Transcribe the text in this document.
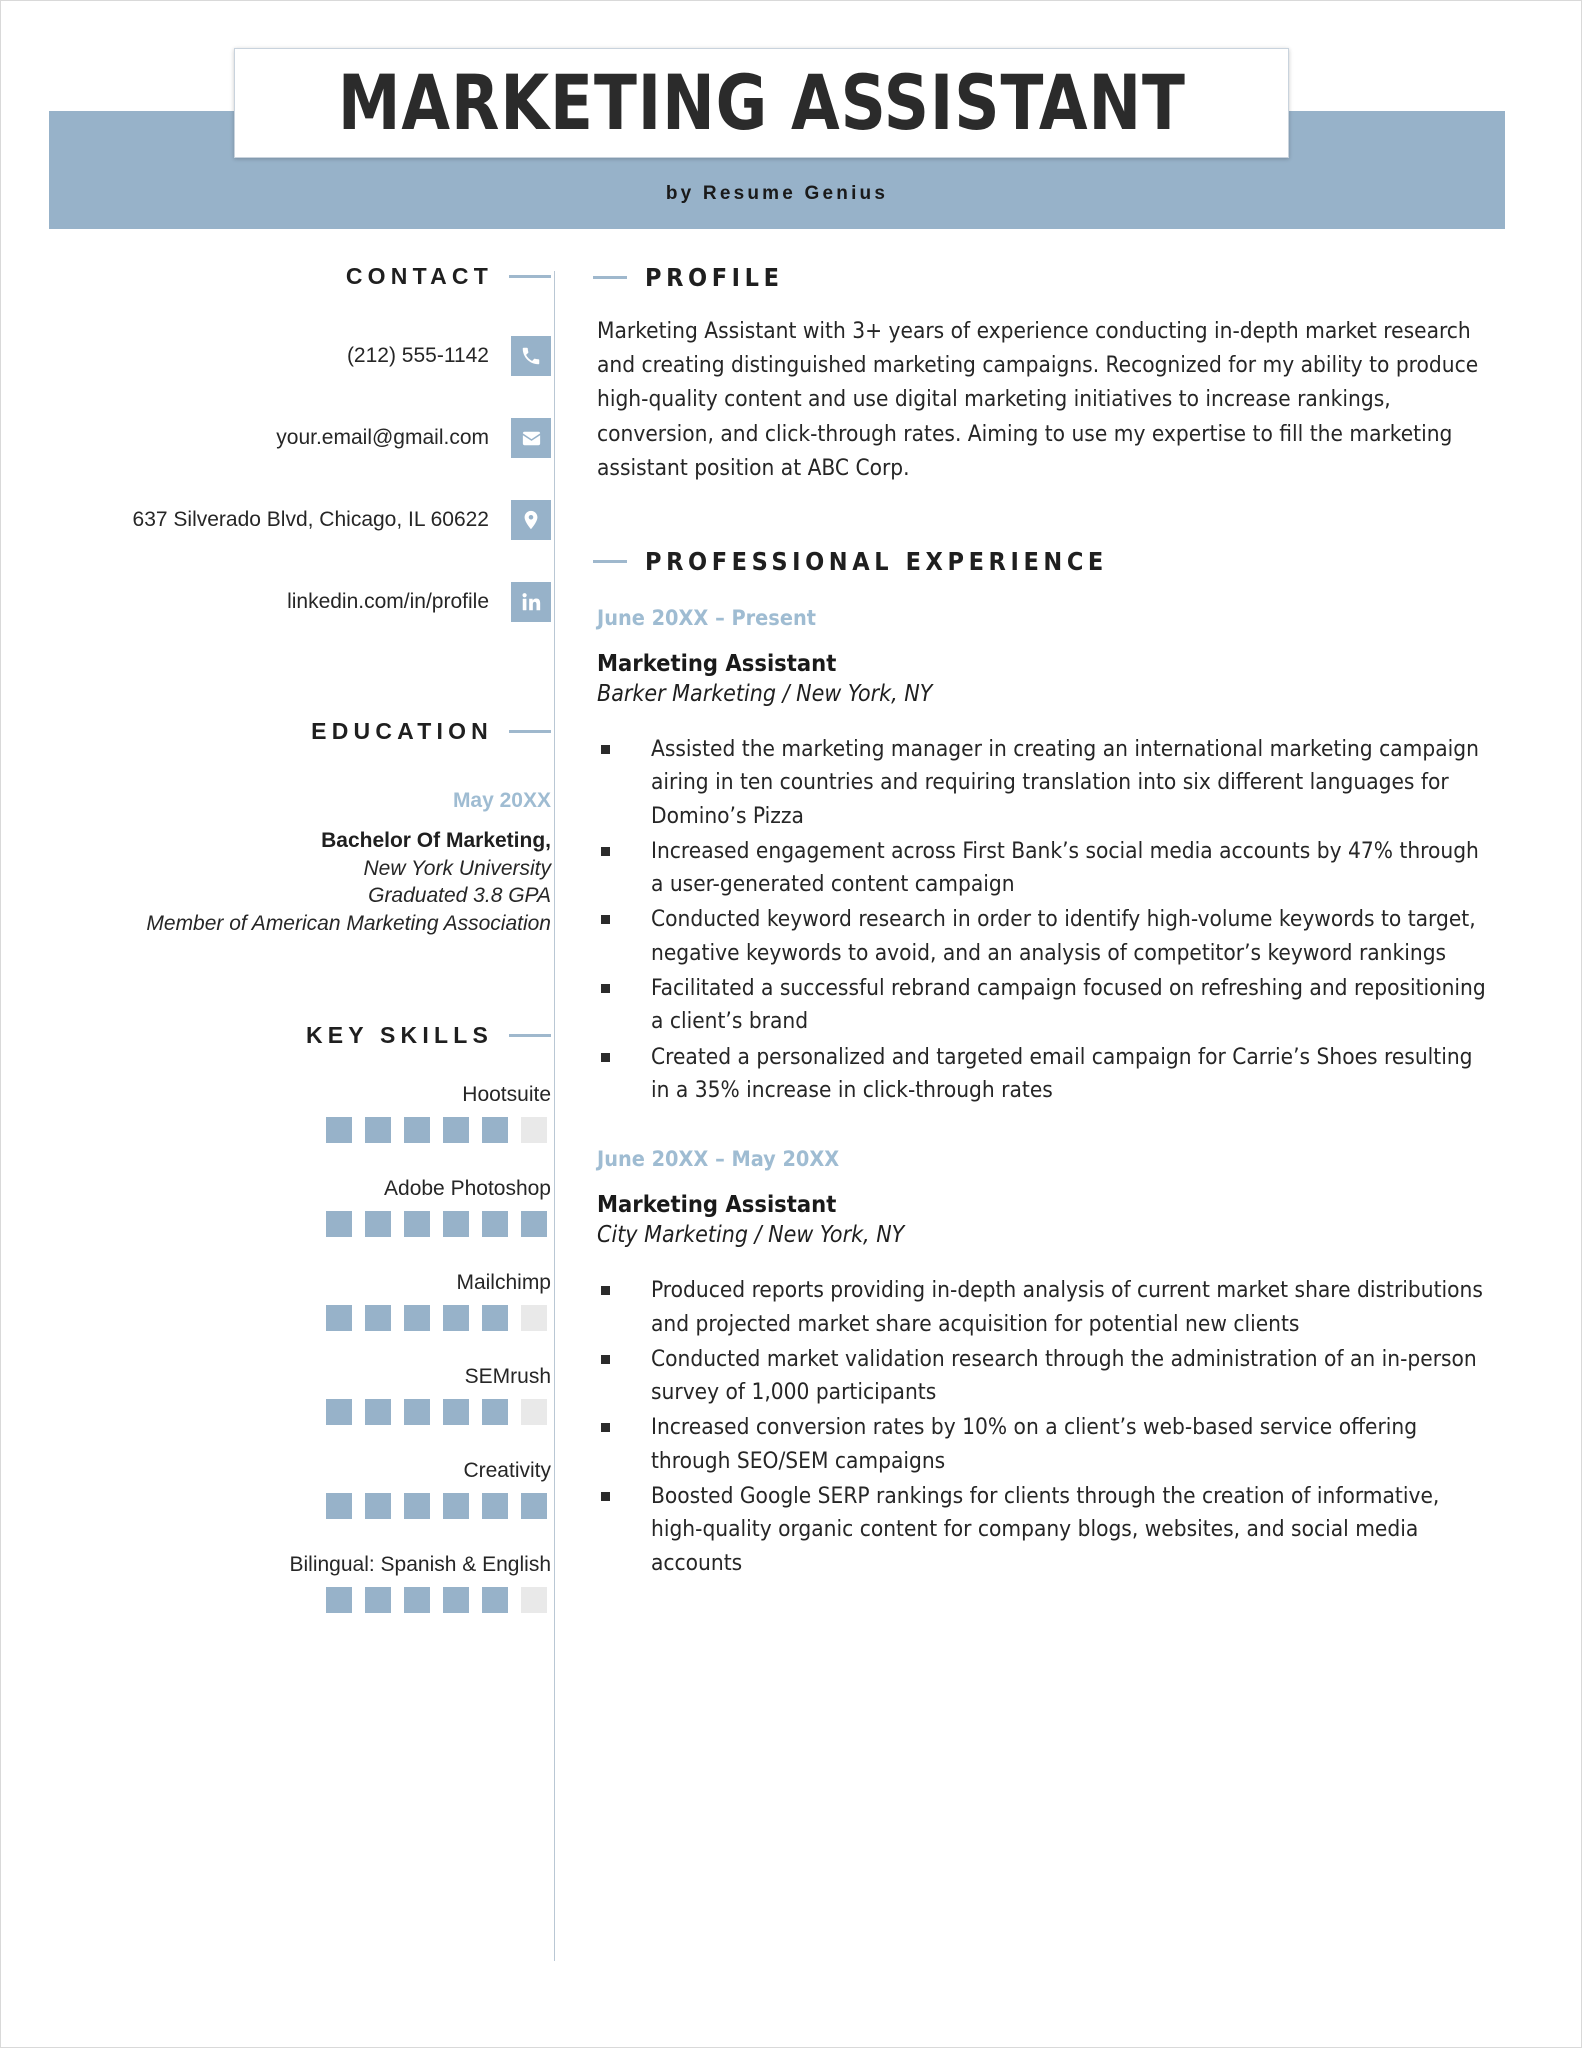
MARKETING ASSISTANT
by Resume Genius
CONTACT
(212) 555-1142
your.email@gmail.com
637 Silverado Blvd, Chicago, IL 60622
linkedin.com/in/profile
EDUCATION
May 20XX
Bachelor Of Marketing,
New York University
Graduated 3.8 GPA
Member of American Marketing Association
KEY SKILLS
Hootsuite
Adobe Photoshop
Mailchimp
SEMrush
Creativity
Bilingual: Spanish & English
PROFILE

Marketing Assistant with 3+ years of experience conducting in-depth market research and creating distinguished marketing campaigns. Recognized for my ability to produce high-quality content and use digital marketing initiatives to increase rankings, conversion, and click-through rates. Aiming to use my expertise to fill the marketing assistant position at ABC Corp.

PROFESSIONAL EXPERIENCE
June 20XX – Present
Marketing Assistant
Barker Marketing / New York, NY
Assisted the marketing manager in creating an international marketing campaign airing in ten countries and requiring translation into six different languages for Domino’s Pizza
Increased engagement across First Bank’s social media accounts by 47% through a user-generated content campaign
Conducted keyword research in order to identify high-volume keywords to target, negative keywords to avoid, and an analysis of competitor’s keyword rankings
Facilitated a successful rebrand campaign focused on refreshing and repositioning a client’s brand
Created a personalized and targeted email campaign for Carrie’s Shoes resulting in a 35% increase in click-through rates
June 20XX – May 20XX
Marketing Assistant
City Marketing / New York, NY
Produced reports providing in-depth analysis of current market share distributions and projected market share acquisition for potential new clients
Conducted market validation research through the administration of an in-person survey of 1,000 participants
Increased conversion rates by 10% on a client’s web-based service offering through SEO/SEM campaigns
Boosted Google SERP rankings for clients through the creation of informative, high-quality organic content for company blogs, websites, and social media accounts
